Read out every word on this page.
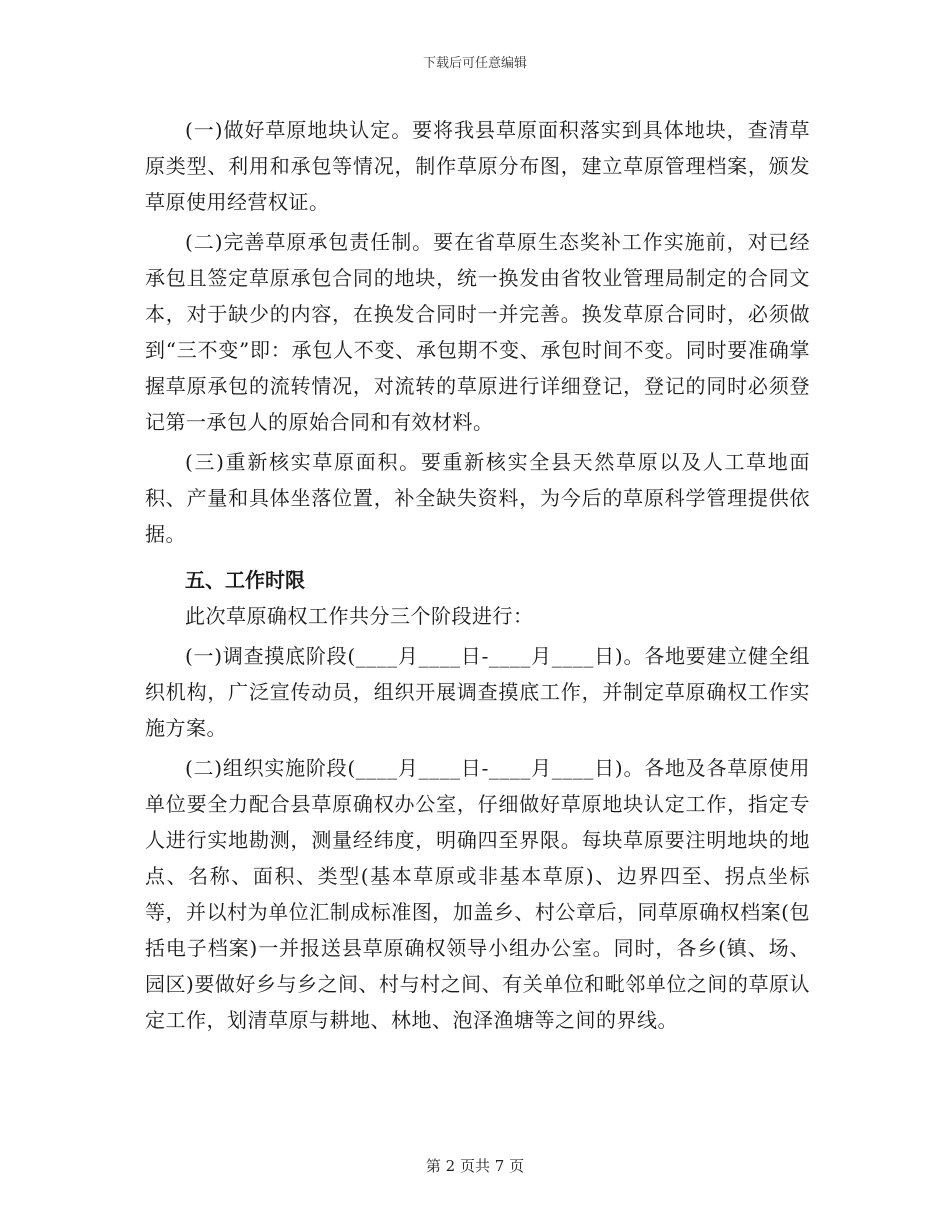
下载后可任意编辑

(一)做好草原地块认定。要将我县草原面积落实到具体地块，查清草原类型、利用和承包等情况，制作草原分布图，建立草原管理档案，颁发草原使用经营权证。

(二)完善草原承包责任制。要在省草原生态奖补工作实施前，对已经承包且签定草原承包合同的地块，统一换发由省牧业管理局制定的合同文本，对于缺少的内容，在换发合同时一并完善。换发草原合同时，必须做到“三不变”即：承包人不变、承包期不变、承包时间不变。同时要准确掌握草原承包的流转情况，对流转的草原进行详细登记，登记的同时必须登记第一承包人的原始合同和有效材料。

(三)重新核实草原面积。要重新核实全县天然草原以及人工草地面积、产量和具体坐落位置，补全缺失资料，为今后的草原科学管理提供依据。

五、工作时限

此次草原确权工作共分三个阶段进行：

(一)调查摸底阶段(____月____日-____月____日)。各地要建立健全组织机构，广泛宣传动员，组织开展调查摸底工作，并制定草原确权工作实施方案。

(二)组织实施阶段(____月____日-____月____日)。各地及各草原使用单位要全力配合县草原确权办公室，仔细做好草原地块认定工作，指定专人进行实地勘测，测量经纬度，明确四至界限。每块草原要注明地块的地点、名称、面积、类型(基本草原或非基本草原)、边界四至、拐点坐标等，并以村为单位汇制成标准图，加盖乡、村公章后，同草原确权档案(包括电子档案)一并报送县草原确权领导小组办公室。同时，各乡(镇、场、园区)要做好乡与乡之间、村与村之间、有关单位和毗邻单位之间的草原认定工作，划清草原与耕地、林地、泡泽渔塘等之间的界线。

第 2 页共 7 页
